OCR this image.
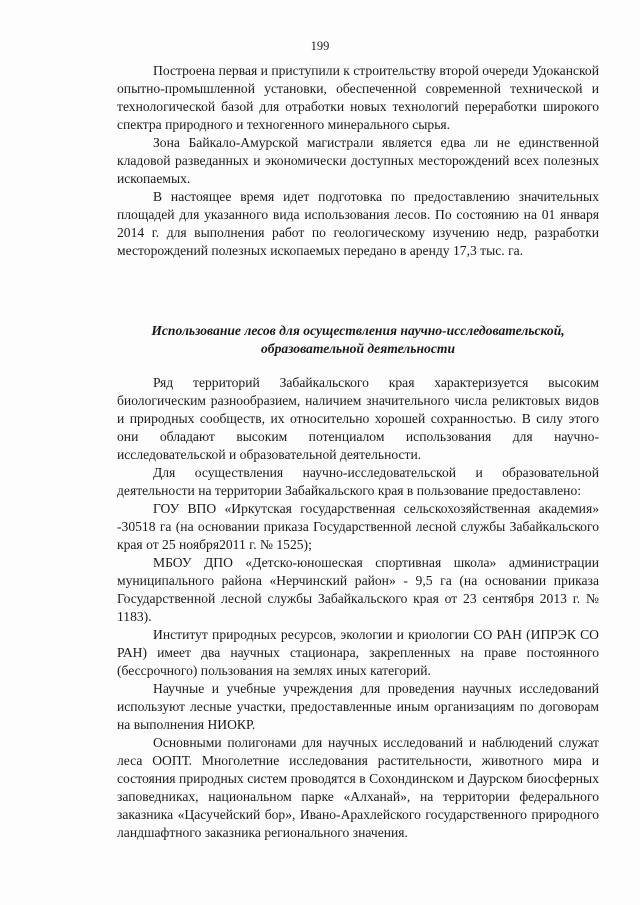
199

Построена первая и приступили к строительству второй очереди Удоканской опытно-промышленной установки, обеспеченной современной технической и технологической базой для отработки новых технологий переработки широкого спектра природного и техногенного минерального сырья.

Зона Байкало-Амурской магистрали является едва ли не единственной кладовой разведанных и экономически доступных месторождений всех полезных ископаемых.

В настоящее время идет подготовка по предоставлению значительных площадей для указанного вида использования лесов. По состоянию на 01 января 2014 г. для выполнения работ по геологическому изучению недр, разработки месторождений полезных ископаемых передано в аренду 17,3 тыс. га.

Использование лесов для осуществления научно-исследовательской,
образовательной деятельности

Ряд территорий Забайкальского края характеризуется высоким биологическим разнообразием, наличием значительного числа реликтовых видов и природных сообществ, их относительно хорошей сохранностью. В силу этого они обладают высоким потенциалом использования для научно-исследовательской и образовательной деятельности.

Для осуществления научно-исследовательской и образовательной деятельности на территории Забайкальского края в пользование предоставлено:

ГОУ ВПО «Иркутская государственная сельскохозяйственная академия» -30518 га (на основании приказа Государственной лесной службы Забайкальского края от 25 ноября2011 г. № 1525);

МБОУ ДПО «Детско-юношеская спортивная школа» администрации муниципального района «Нерчинский район» - 9,5 га (на основании приказа Государственной лесной службы Забайкальского края от 23 сентября 2013 г. № 1183).

Институт природных ресурсов, экологии и криологии СО РАН (ИПРЭК СО РАН) имеет два научных стационара, закрепленных на праве постоянного (бессрочного) пользования на землях иных категорий.

Научные и учебные учреждения для проведения научных исследований используют лесные участки, предоставленные иным организациям по договорам на выполнения НИОКР.

Основными полигонами для научных исследований и наблюдений служат леса ООПТ. Многолетние исследования растительности, животного мира и состояния природных систем проводятся в Сохондинском и Даурском биосферных заповедниках, национальном парке «Алханай», на территории федерального заказника «Цасучейский бор», Ивано-Арахлейского государственного природного ландшафтного заказника регионального значения.
